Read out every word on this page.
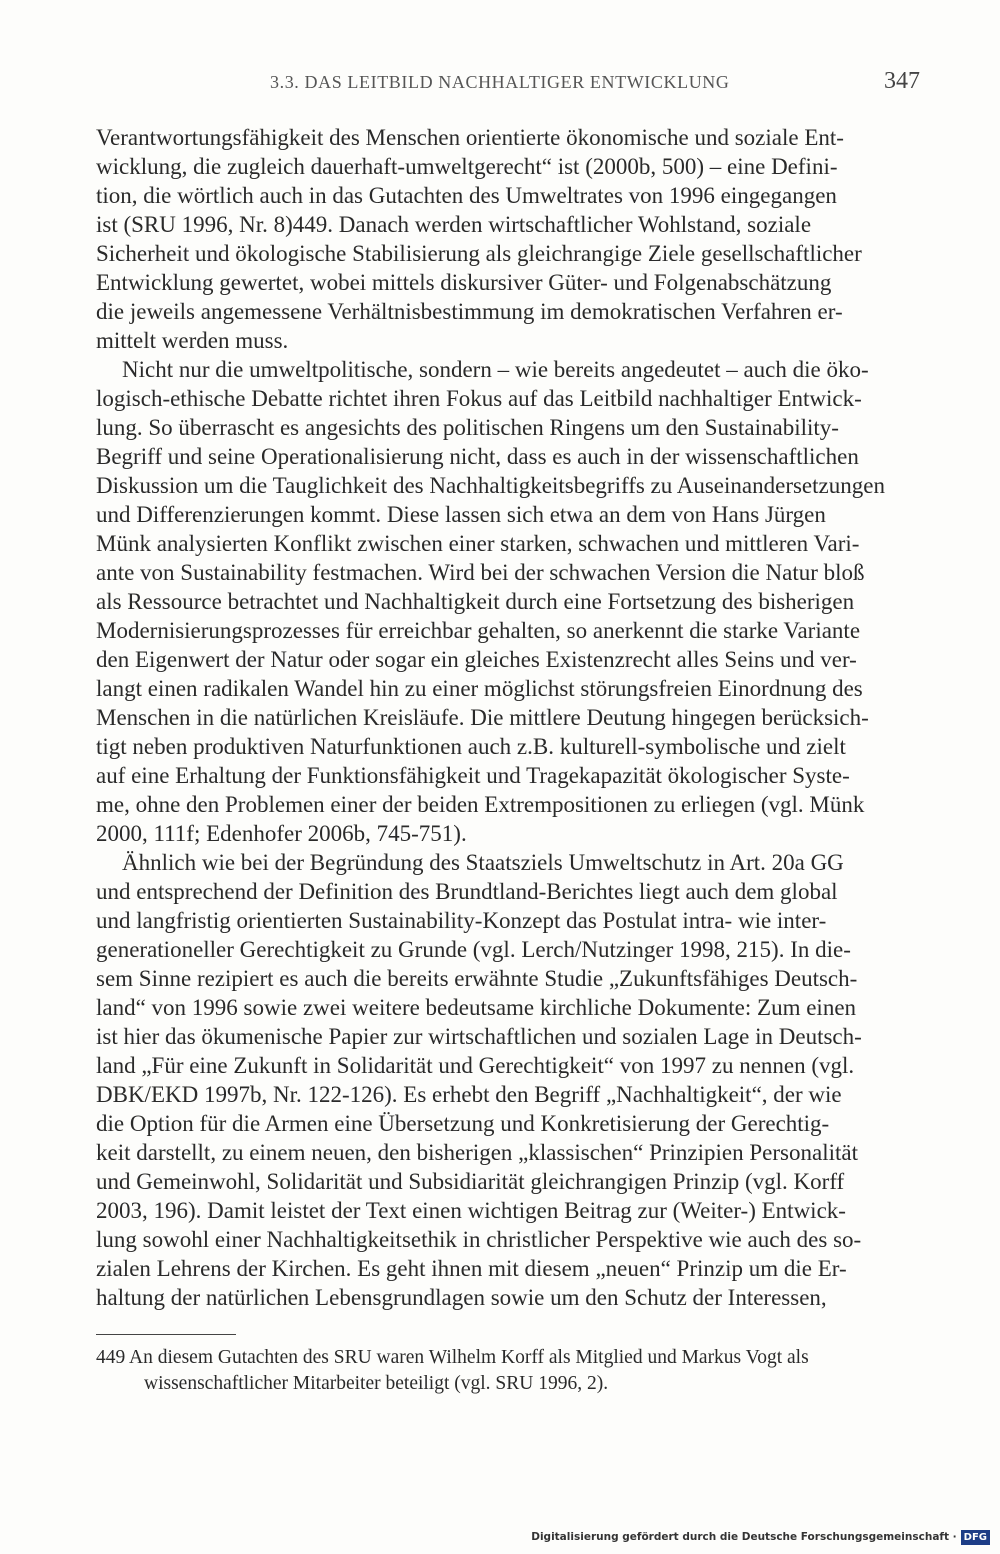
3.3. DAS LEITBILD NACHHALTIGER ENTWICKLUNG	347
Verantwortungsfähigkeit des Menschen orientierte ökonomische und soziale Ent-
wicklung, die zugleich dauerhaft-umweltgerecht“ ist (2000b, 500) – eine Defini-
tion, die wörtlich auch in das Gutachten des Umweltrates von 1996 eingegangen
ist (SRU 1996, Nr. 8)449. Danach werden wirtschaftlicher Wohlstand, soziale
Sicherheit und ökologische Stabilisierung als gleichrangige Ziele gesellschaftlicher
Entwicklung gewertet, wobei mittels diskursiver Güter- und Folgenabschätzung
die jeweils angemessene Verhältnisbestimmung im demokratischen Verfahren er-
mittelt werden muss.
Nicht nur die umweltpolitische, sondern – wie bereits angedeutet – auch die öko-
logisch-ethische Debatte richtet ihren Fokus auf das Leitbild nachhaltiger Entwick-
lung. So überrascht es angesichts des politischen Ringens um den Sustainability-
Begriff und seine Operationalisierung nicht, dass es auch in der wissenschaftlichen
Diskussion um die Tauglichkeit des Nachhaltigkeitsbegriffs zu Auseinandersetzungen
und Differenzierungen kommt. Diese lassen sich etwa an dem von Hans Jürgen
Münk analysierten Konflikt zwischen einer starken, schwachen und mittleren Vari-
ante von Sustainability festmachen. Wird bei der schwachen Version die Natur bloß
als Ressource betrachtet und Nachhaltigkeit durch eine Fortsetzung des bisherigen
Modernisierungsprozesses für erreichbar gehalten, so anerkennt die starke Variante
den Eigenwert der Natur oder sogar ein gleiches Existenzrecht alles Seins und ver-
langt einen radikalen Wandel hin zu einer möglichst störungsfreien Einordnung des
Menschen in die natürlichen Kreisläufe. Die mittlere Deutung hingegen berücksich-
tigt neben produktiven Naturfunktionen auch z.B. kulturell-symbolische und zielt
auf eine Erhaltung der Funktionsfähigkeit und Tragekapazität ökologischer Syste-
me, ohne den Problemen einer der beiden Extrempositionen zu erliegen (vgl. Münk
2000, 111f; Edenhofer 2006b, 745-751).
Ähnlich wie bei der Begründung des Staatsziels Umweltschutz in Art. 20a GG
und entsprechend der Definition des Brundtland-Berichtes liegt auch dem global
und langfristig orientierten Sustainability-Konzept das Postulat intra- wie inter-
generationeller Gerechtigkeit zu Grunde (vgl. Lerch/Nutzinger 1998, 215). In die-
sem Sinne rezipiert es auch die bereits erwähnte Studie „Zukunftsfähiges Deutsch-
land“ von 1996 sowie zwei weitere bedeutsame kirchliche Dokumente: Zum einen
ist hier das ökumenische Papier zur wirtschaftlichen und sozialen Lage in Deutsch-
land „Für eine Zukunft in Solidarität und Gerechtigkeit“ von 1997 zu nennen (vgl.
DBK/EKD 1997b, Nr. 122-126). Es erhebt den Begriff „Nachhaltigkeit“, der wie
die Option für die Armen eine Übersetzung und Konkretisierung der Gerechtig-
keit darstellt, zu einem neuen, den bisherigen „klassischen“ Prinzipien Personalität
und Gemeinwohl, Solidarität und Subsidiarität gleichrangigen Prinzip (vgl. Korff
2003, 196). Damit leistet der Text einen wichtigen Beitrag zur (Weiter-) Entwick-
lung sowohl einer Nachhaltigkeitsethik in christlicher Perspektive wie auch des so-
zialen Lehrens der Kirchen. Es geht ihnen mit diesem „neuen“ Prinzip um die Er-
haltung der natürlichen Lebensgrundlagen sowie um den Schutz der Interessen,
449 An diesem Gutachten des SRU waren Wilhelm Korff als Mitglied und Markus Vogt als
wissenschaftlicher Mitarbeiter beteiligt (vgl. SRU 1996, 2).
Digitalisierung gefördert durch die Deutsche Forschungsgemeinschaft · DFG
